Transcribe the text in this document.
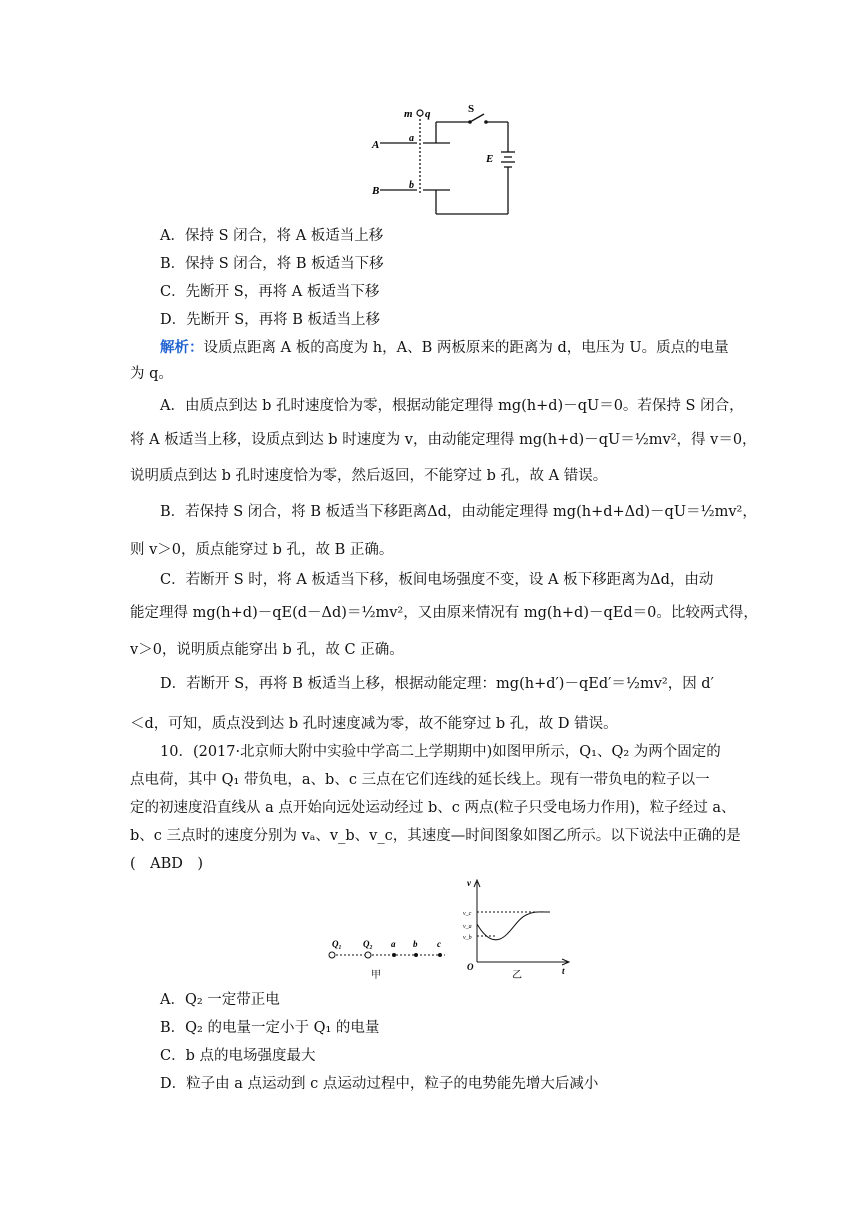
m q	S
A
a
B	b
E
A．保持 S 闭合，将 A 板适当上移
B．保持 S 闭合，将 B 板适当下移
C．先断开 S，再将 A 板适当下移
D．先断开 S，再将 B 板适当上移
解析：设质点距离 A 板的高度为 h，A、B 两板原来的距离为 d，电压为 U。质点的电量
为 q。
A．由质点到达 b 孔时速度恰为零，根据动能定理得 mg(h+d)－qU＝0。若保持 S 闭合，
将 A 板适当上移，设质点到达 b 时速度为 v，由动能定理得 mg(h+d)－qU＝½mv²，得 v＝0，
说明质点到达 b 孔时速度恰为零，然后返回，不能穿过 b 孔，故 A 错误。
B．若保持 S 闭合，将 B 板适当下移距离Δd，由动能定理得 mg(h+d+Δd)－qU＝½mv²，
则 v＞0，质点能穿过 b 孔，故 B 正确。
C．若断开 S 时，将 A 板适当下移，板间电场强度不变，设 A 板下移距离为Δd，由动
能定理得 mg(h+d)－qE(d－Δd)＝½mv²，又由原来情况有 mg(h+d)－qEd＝0。比较两式得，
v＞0，说明质点能穿出 b 孔，故 C 正确。
D．若断开 S，再将 B 板适当上移，根据动能定理：mg(h+d′)－qEd′＝½mv²，因 d′
＜d，可知，质点没到达 b 孔时速度减为零，故不能穿过 b 孔，故 D 错误。
10．(2017·北京师大附中实验中学高二上学期期中)如图甲所示，Q₁、Q₂ 为两个固定的
点电荷，其中 Q₁ 带负电，a、b、c 三点在它们连线的延长线上。现有一带负电的粒子以一
定的初速度沿直线从 a 点开始向远处运动经过 b、c 两点(粒子只受电场力作用)，粒子经过 a、
b、c 三点时的速度分别为 vₐ、v_b、v_c，其速度—时间图象如图乙所示。以下说法中正确的是
(　ABD　)
Q₁ Q₂ a b c
甲
v
t
O
v_c
v_a
v_b
乙
A．Q₂ 一定带正电
B．Q₂ 的电量一定小于 Q₁ 的电量
C．b 点的电场强度最大
D．粒子由 a 点运动到 c 点运动过程中，粒子的电势能先增大后减小
